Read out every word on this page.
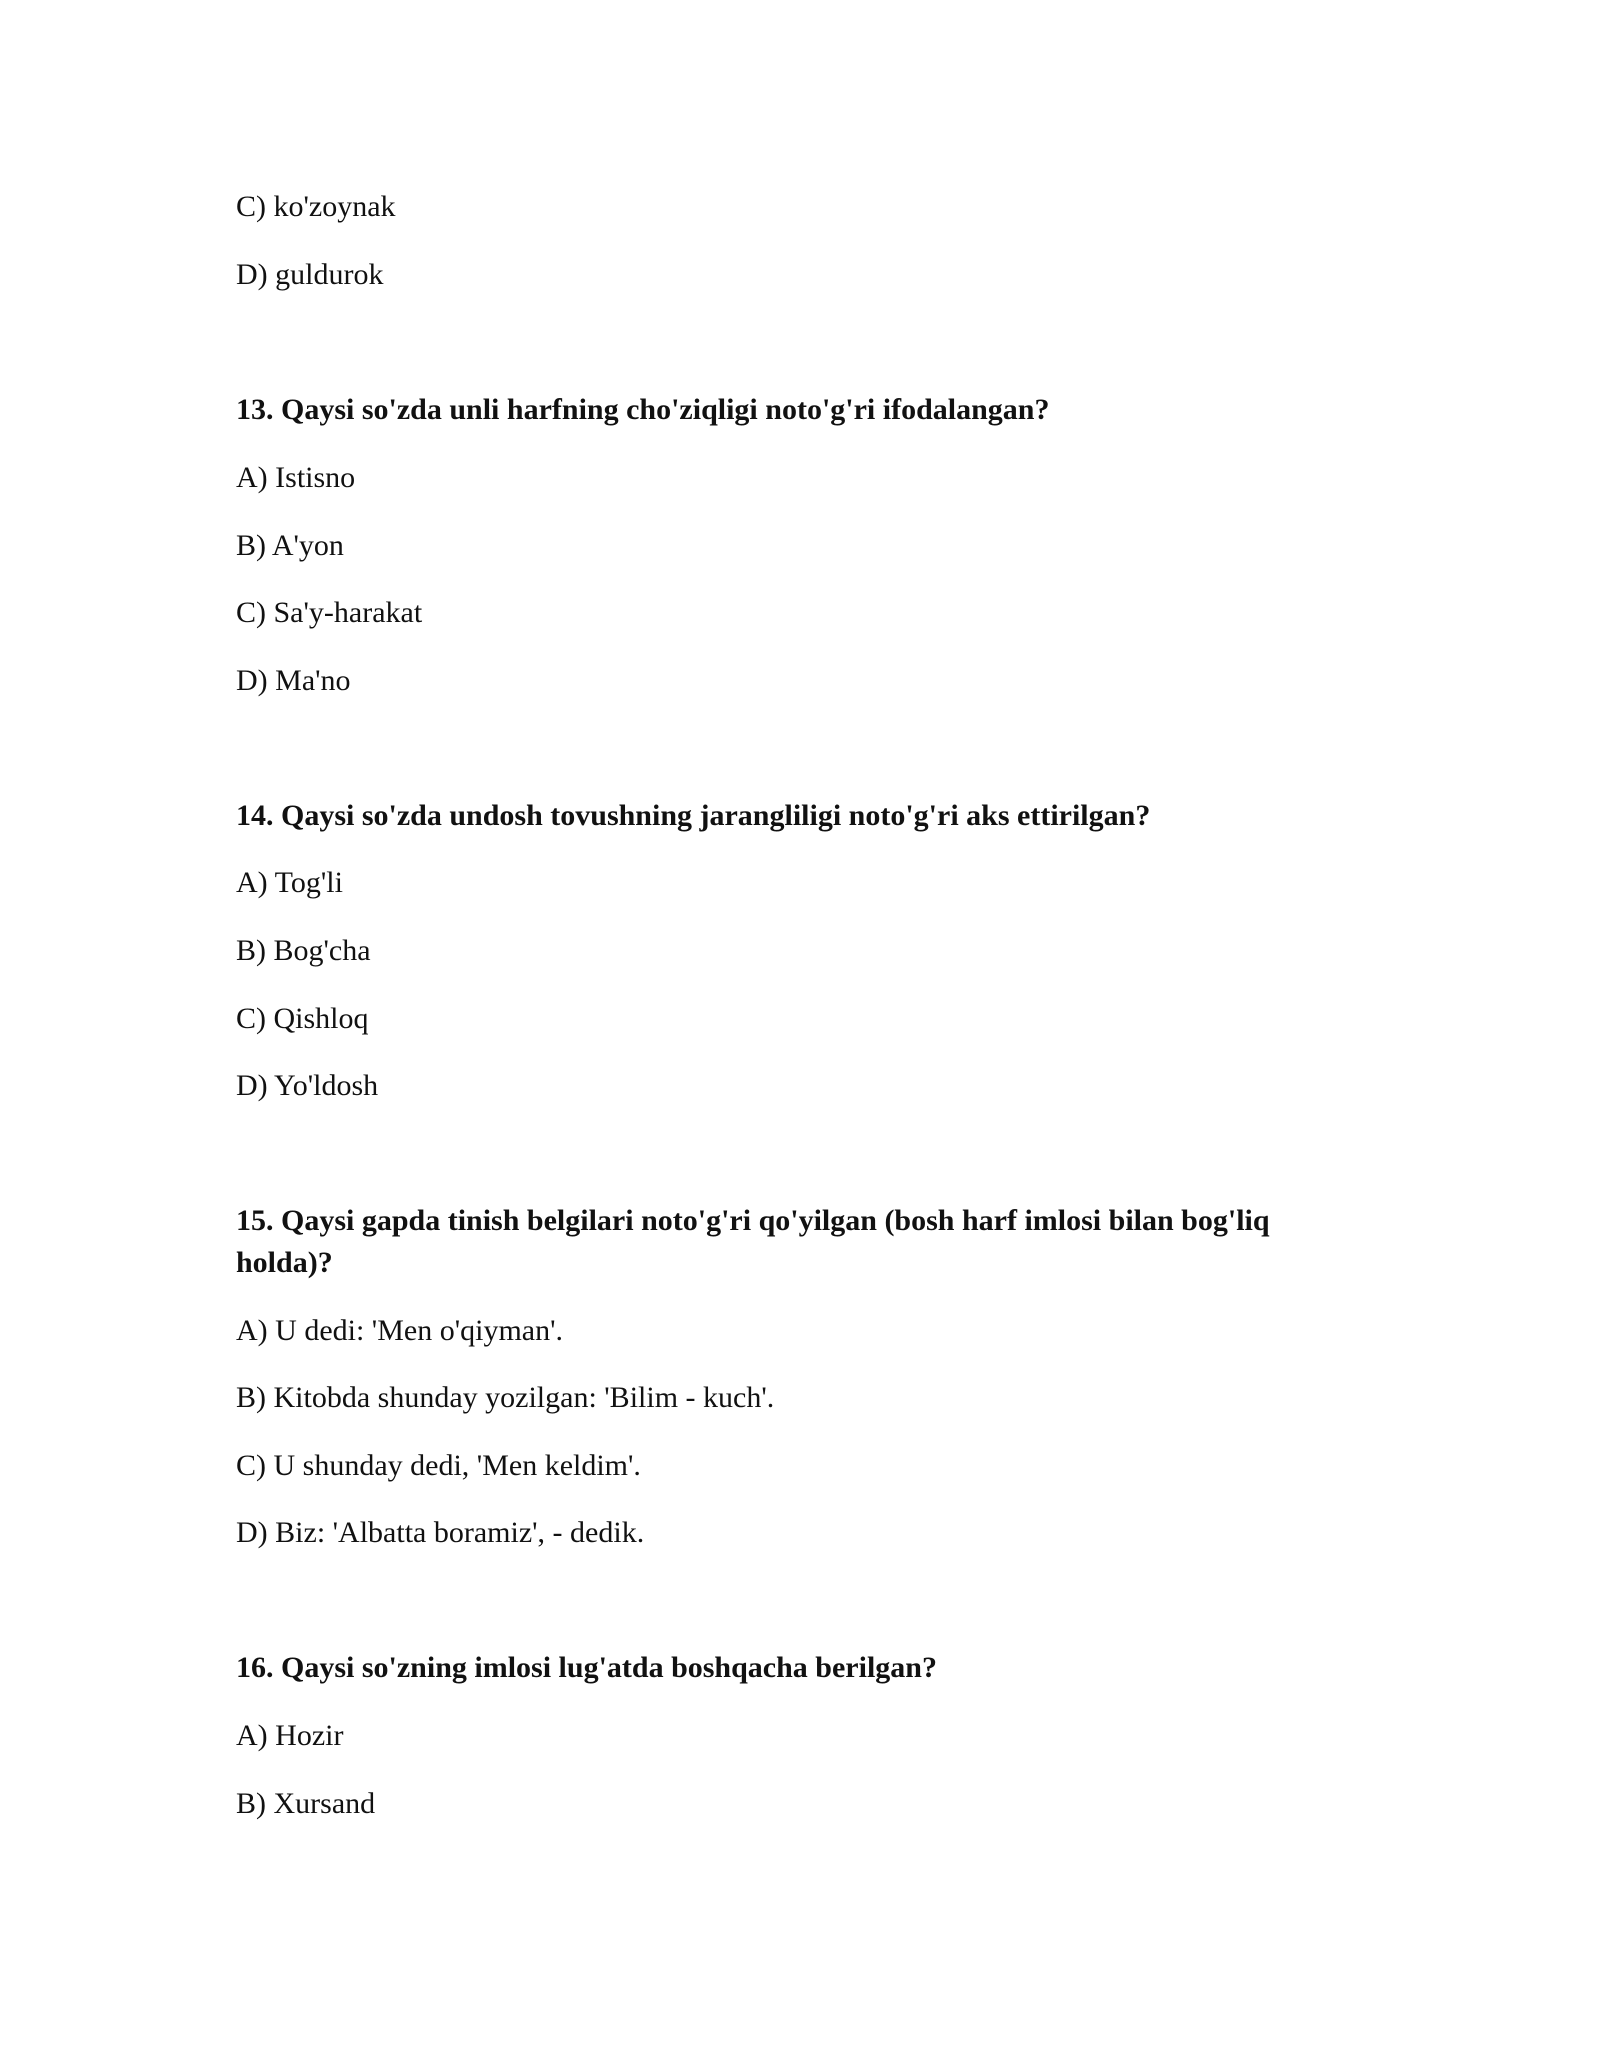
C) ko'zoynak
D) guldurok
13. Qaysi so'zda unli harfning cho'ziqligi noto'g'ri ifodalangan?
A) Istisno
B) A'yon
C) Sa'y-harakat
D) Ma'no
14. Qaysi so'zda undosh tovushning jarangliligi noto'g'ri aks ettirilgan?
A) Tog'li
B) Bog'cha
C) Qishloq
D) Yo'ldosh
15. Qaysi gapda tinish belgilari noto'g'ri qo'yilgan (bosh harf imlosi bilan bog'liq holda)?
A) U dedi: 'Men o'qiyman'.
B) Kitobda shunday yozilgan: 'Bilim - kuch'.
C) U shunday dedi, 'Men keldim'.
D) Biz: 'Albatta boramiz', - dedik.
16. Qaysi so'zning imlosi lug'atda boshqacha berilgan?
A) Hozir
B) Xursand
